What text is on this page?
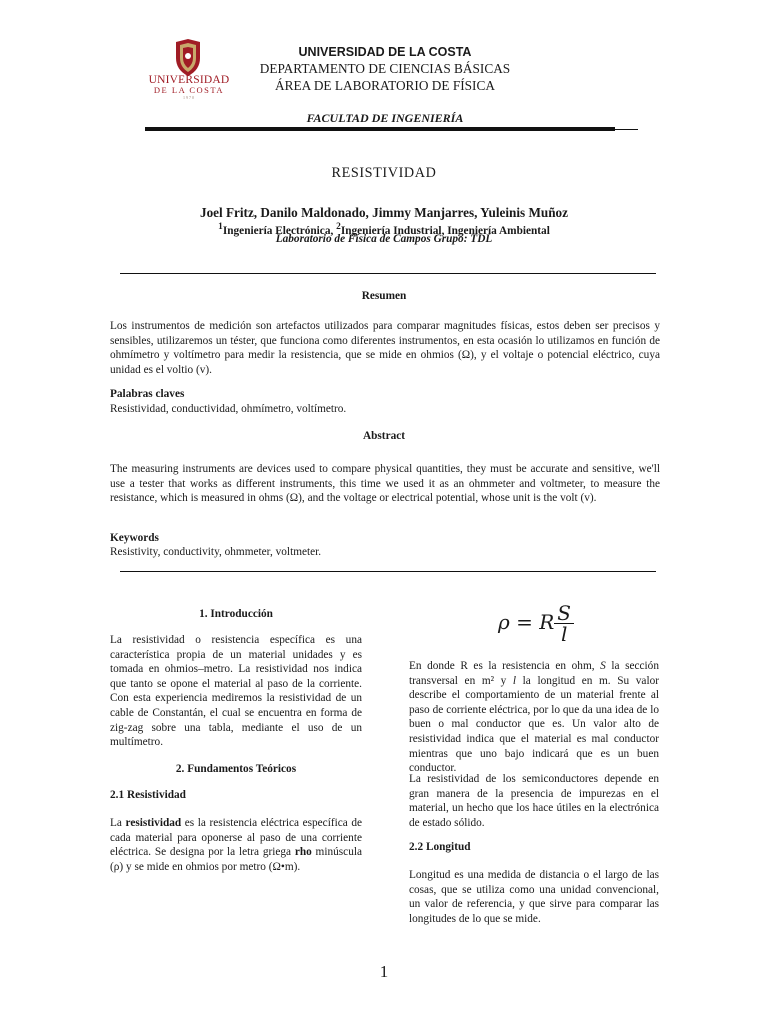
UNIVERSIDAD
DE LA COSTA
1970
UNIVERSIDAD DE LA COSTA
DEPARTAMENTO DE CIENCIAS BÁSICAS
ÁREA DE LABORATORIO DE FÍSICA
FACULTAD DE INGENIERÍA
RESISTIVIDAD
Joel Fritz, Danilo Maldonado, Jimmy Manjarres, Yuleinis Muñoz
$^1$Ingeniería Electrónica, $^2$Ingeniería Industrial, Ingeniería Ambiental
Laboratorio de Física de Campos Grupo: TDL
Resumen
Los instrumentos de medición son artefactos utilizados para comparar magnitudes físicas, estos deben ser precisos y sensibles, utilizaremos un téster, que funciona como diferentes instrumentos, en esta ocasión lo utilizamos en función de ohmímetro y voltímetro para medir la resistencia, que se mide en ohmios (Ω), y el voltaje o potencial eléctrico, cuya unidad es el voltio (v).
Palabras claves
Resistividad, conductividad, ohmímetro, voltímetro.
Abstract
The measuring instruments are devices used to compare physical quantities, they must be accurate and sensitive, we'll use a tester that works as different instruments, this time we used it as an ohmmeter and voltmeter, to measure the resistance, which is measured in ohms (Ω), and the voltage or electrical potential, whose unit is the volt (v).
Keywords
Resistivity, conductivity, ohmmeter, voltmeter.
1. Introducción
La resistividad o resistencia específica es una característica propia de un material unidades y es tomada en ohmios–metro. La resistividad nos indica que tanto se opone el material al paso de la corriente. Con esta experiencia mediremos la resistividad de un cable de Constantán, el cual se encuentra en forma de zig-zag sobre una tabla, mediante el uso de un multímetro.
2. Fundamentos Teóricos
2.1 Resistividad
La resistividad es la resistencia eléctrica específica de cada material para oponerse al paso de una corriente eléctrica. Se designa por la letra griega rho minúscula (ρ) y se mide en ohmios por metro (Ω•m).
ρ = R $\frac{S}{l}$
En donde R es la resistencia en ohm, S la sección transversal en m² y l la longitud en m. Su valor describe el comportamiento de un material frente al paso de corriente eléctrica, por lo que da una idea de lo buen o mal conductor que es. Un valor alto de resistividad indica que el material es mal conductor mientras que uno bajo indicará que es un buen conductor.
La resistividad de los semiconductores depende en gran manera de la presencia de impurezas en el material, un hecho que los hace útiles en la electrónica de estado sólido.
2.2 Longitud
Longitud es una medida de distancia o el largo de las cosas, que se utiliza como una unidad convencional, un valor de referencia, y que sirve para comparar las longitudes de lo que se mide.
1
